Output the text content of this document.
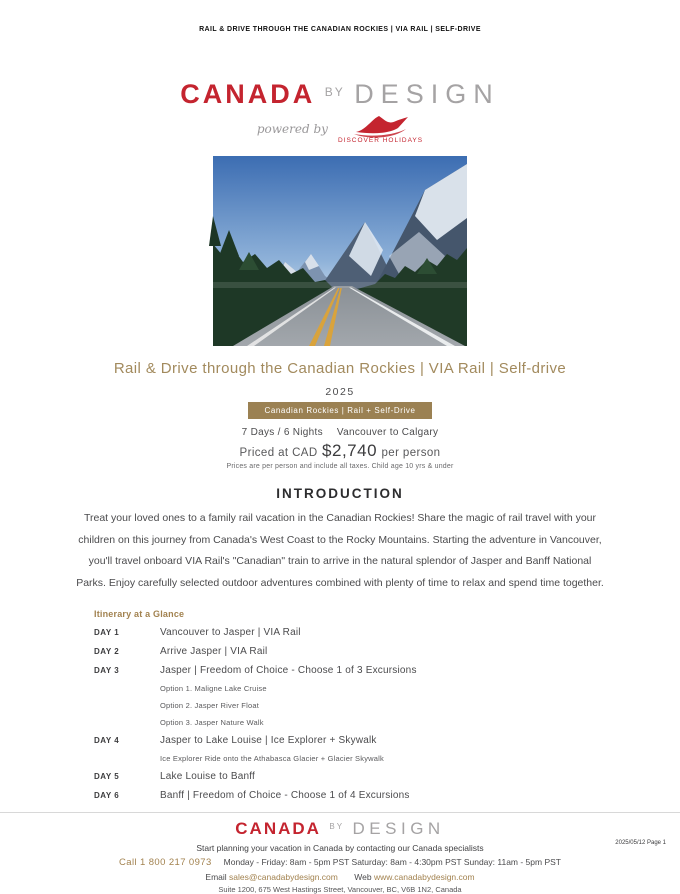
RAIL & DRIVE THROUGH THE CANADIAN ROCKIES | VIA RAIL | SELF-DRIVE
CANADA $^{BY}$ DESIGN
powered by
DISCOVER HOLIDAYS
Rail & Drive through the Canadian Rockies | VIA Rail | Self-drive
2025
Canadian Rockies | Rail + Self-Drive
7 Days / 6 Nights Vancouver to Calgary
Priced at CAD $2,740 per person
Prices are per person and include all taxes. Child age 10 yrs & under
INTRODUCTION
Treat your loved ones to a family rail vacation in the Canadian Rockies! Share the magic of rail travel with your children on this journey from Canada's West Coast to the Rocky Mountains. Starting the adventure in Vancouver, you'll travel onboard VIA Rail's "Canadian" train to arrive in the natural splendor of Jasper and Banff National Parks. Enjoy carefully selected outdoor adventures combined with plenty of time to relax and spend time together.
Itinerary at a Glance
DAY 1	Vancouver to Jasper | VIA Rail
DAY 2	Arrive Jasper | VIA Rail
DAY 3	Jasper | Freedom of Choice - Choose 1 of 3 Excursions
Option 1. Maligne Lake Cruise
Option 2. Jasper River Float
Option 3. Jasper Nature Walk
DAY 4	Jasper to Lake Louise | Ice Explorer + Skywalk
Ice Explorer Ride onto the Athabasca Glacier + Glacier Skywalk
DAY 5	Lake Louise to Banff
DAY 6	Banff | Freedom of Choice - Choose 1 of 4 Excursions
CANADA $^{BY}$ DESIGN
Start planning your vacation in Canada by contacting our Canada specialists
Call 1 800 217 0973 Monday - Friday: 8am - 5pm PST Saturday: 8am - 4:30pm PST Sunday: 11am - 5pm PST
Email sales@canadabydesign.com Web www.canadabydesign.com
Suite 1200, 675 West Hastings Street, Vancouver, BC, V6B 1N2, Canada
2025/05/12 Page 1
